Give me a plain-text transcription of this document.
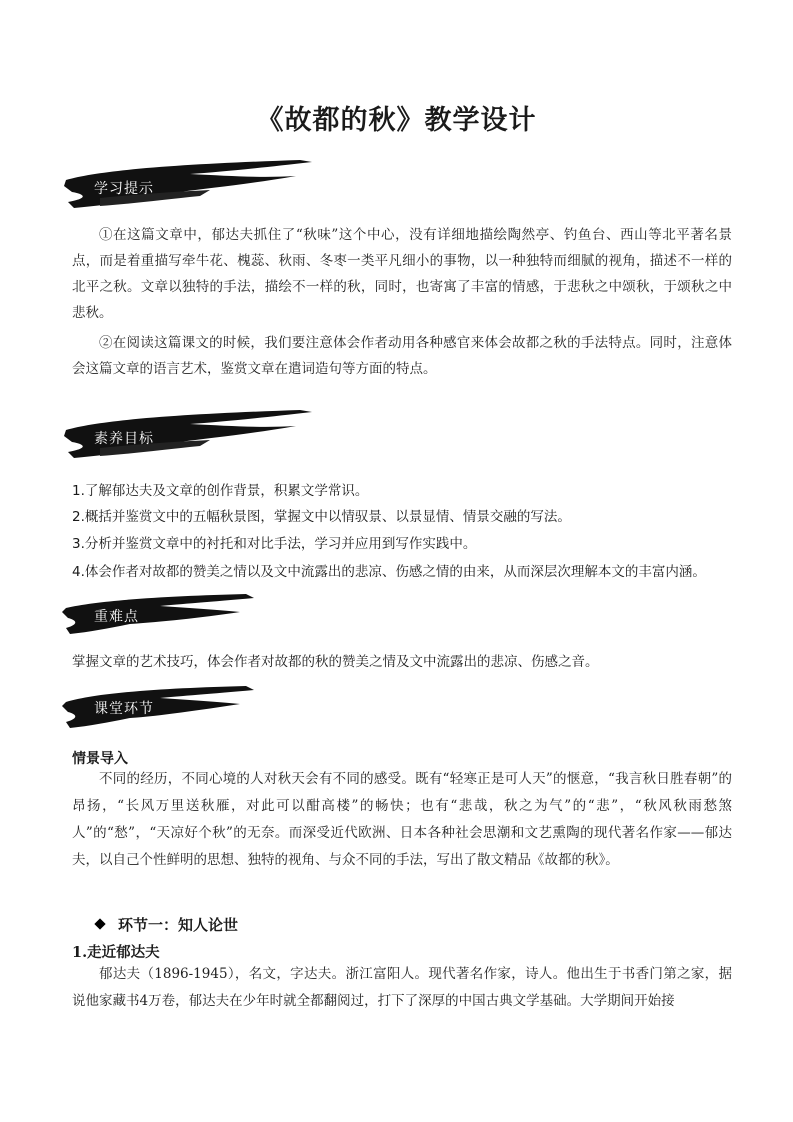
《故都的秋》教学设计
学习提示
①在这篇文章中，郁达夫抓住了“秋味”这个中心，没有详细地描绘陶然亭、钓鱼台、西山等北平著名景点，而是着重描写牵牛花、槐蕊、秋雨、冬枣一类平凡细小的事物，以一种独特而细腻的视角，描述不一样的北平之秋。文章以独特的手法，描绘不一样的秋，同时，也寄寓了丰富的情感，于悲秋之中颂秋，于颂秋之中悲秋。
②在阅读这篇课文的时候，我们要注意体会作者动用各种感官来体会故都之秋的手法特点。同时，注意体会这篇文章的语言艺术，鉴赏文章在遣词造句等方面的特点。
素养目标
1.了解郁达夫及文章的创作背景，积累文学常识。
2.概括并鉴赏文中的五幅秋景图，掌握文中以情驭景、以景显情、情景交融的写法。
3.分析并鉴赏文章中的衬托和对比手法，学习并应用到写作实践中。
4.体会作者对故都的赞美之情以及文中流露出的悲凉、伤感之情的由来，从而深层次理解本文的丰富内涵。
重难点
掌握文章的艺术技巧，体会作者对故都的秋的赞美之情及文中流露出的悲凉、伤感之音。
课堂环节
情景导入
不同的经历，不同心境的人对秋天会有不同的感受。既有“轻寒正是可人天”的惬意，“我言秋日胜春朝”的昂扬，“长风万里送秋雁，对此可以酣高楼”的畅快；也有“悲哉，秋之为气”的“悲”，“秋风秋雨愁煞人”的“愁”，“天凉好个秋”的无奈。而深受近代欧洲、日本各种社会思潮和文艺熏陶的现代著名作家——郁达夫，以自己个性鲜明的思想、独特的视角、与众不同的手法，写出了散文精品《故都的秋》。
环节一：知人论世
1.走近郁达夫
郁达夫（1896-1945），名文，字达夫。浙江富阳人。现代著名作家，诗人。他出生于书香门第之家，据说他家藏书4万卷，郁达夫在少年时就全都翻阅过，打下了深厚的中国古典文学基础。大学期间开始接
